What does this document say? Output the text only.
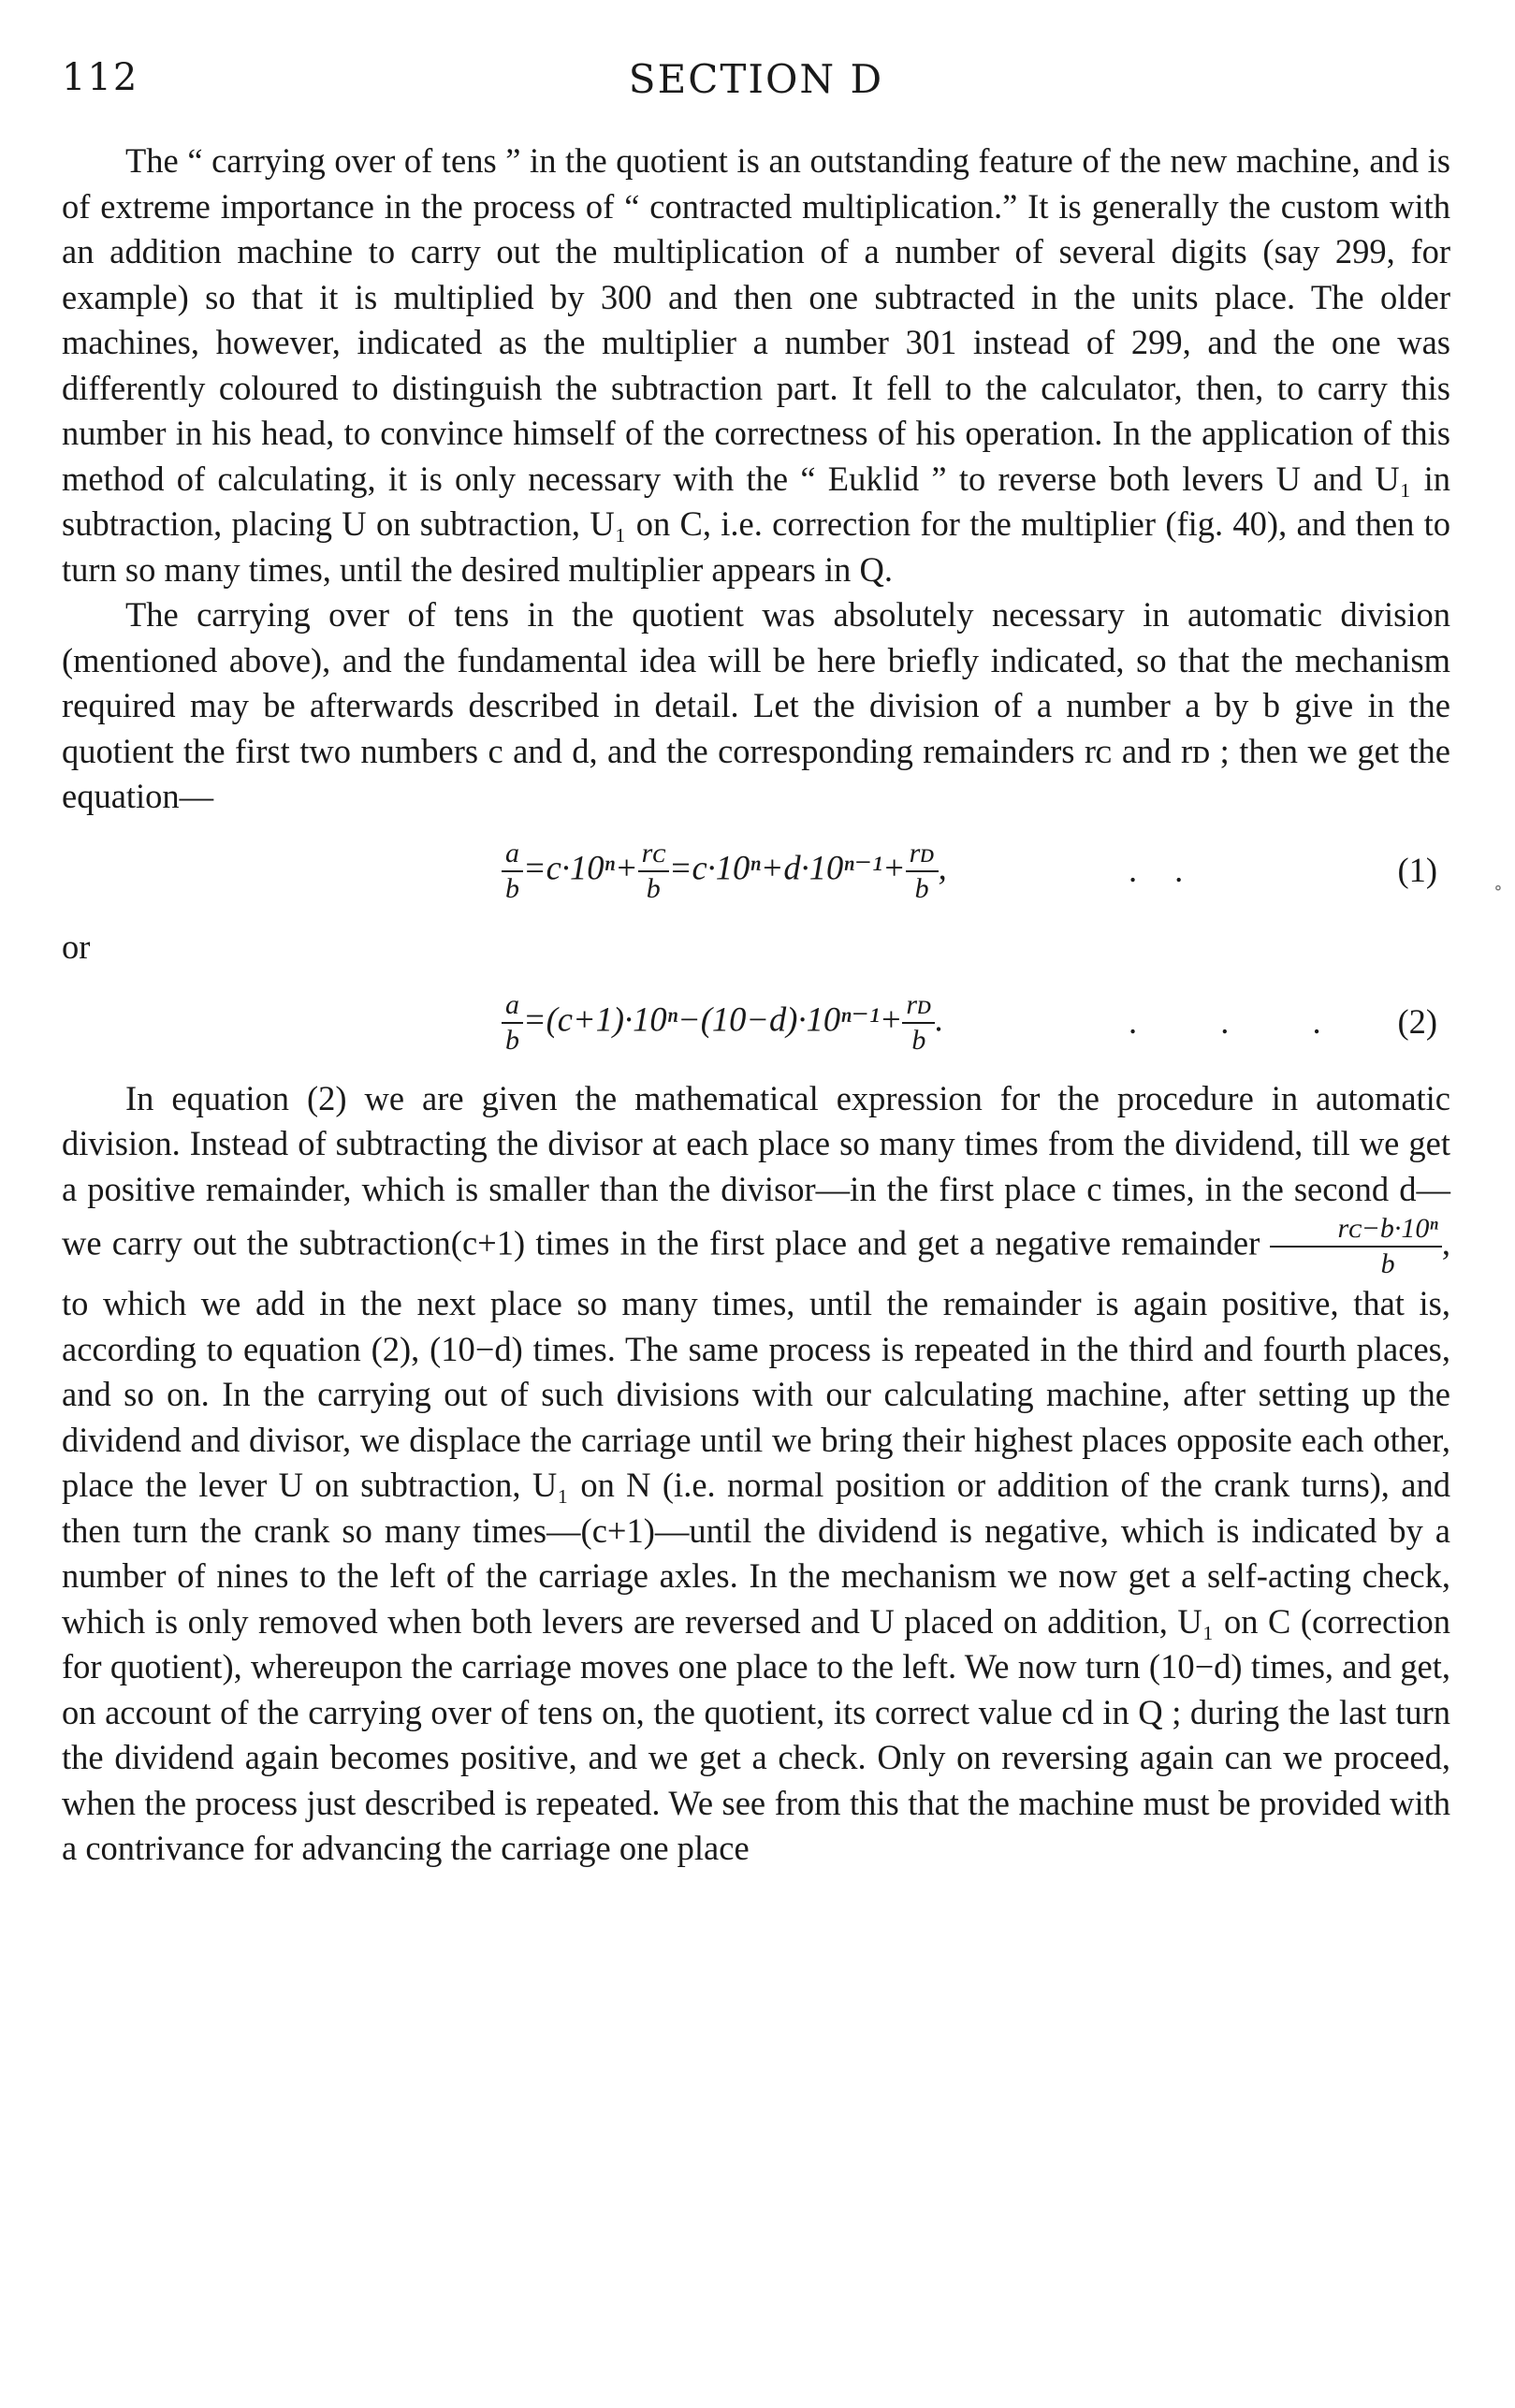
112	SECTION D

The “ carrying over of tens ” in the quotient is an outstanding feature of the new machine, and is of extreme importance in the process of “ contracted multiplication.” It is generally the custom with an addition machine to carry out the multiplication of a number of several digits (say 299, for example) so that it is multiplied by 300 and then one subtracted in the units place. The older machines, however, indicated as the multiplier a number 301 instead of 299, and the one was differently coloured to distinguish the subtraction part. It fell to the calculator, then, to carry this number in his head, to convince himself of the correctness of his operation. In the application of this method of calculating, it is only necessary with the “ Euklid ” to reverse both levers U and U₁ in subtraction, placing U on subtraction, U₁ on C, i.e. correction for the multiplier (fig. 40), and then to turn so many times, until the desired multiplier appears in Q.

The carrying over of tens in the quotient was absolutely necessary in automatic division (mentioned above), and the fundamental idea will be here briefly indicated, so that the mechanism required may be afterwards described in detail. Let the division of a number a by b give in the quotient the first two numbers c and d, and the corresponding remainders rᴄ and rᴅ ; then we get the equation—

$\frac{a}{b} =c\cdot 10^n+ \frac{\text{rᴄ}}{b} =c\cdot 10^n+d\cdot 10^{n-1}+ \frac{\text{rᴅ}}{b}$ ,	..	(1)
or
$\frac{a}{b} =(c+1)\cdot 10^n-(10-d)\cdot 10^{n-1}+ \frac{\text{rᴅ}}{b}$ .	. . . (2)

In equation (2) we are given the mathematical expression for the procedure in automatic division. Instead of subtracting the divisor at each place so many times from the dividend, till we get a positive remainder, which is smaller than the divisor—in the first place c times, in the second d—we carry out the subtraction(c+1) times in the first place and get a negative remainder $\frac{\text{rᴄ−b·10ⁿ}}{b}$ , to which we add in the next place so many times, until the remainder is again positive, that is, according to equation (2), (10−d) times. The same process is repeated in the third and fourth places, and so on. In the carrying out of such divisions with our calculating machine, after setting up the dividend and divisor, we displace the carriage until we bring their highest places opposite each other, place the lever U on subtraction, U₁ on N (i.e. normal position or addition of the crank turns), and then turn the crank so many times—(c+1)—until the dividend is negative, which is indicated by a number of nines to the left of the carriage axles. In the mechanism we now get a self-acting check, which is only removed when both levers are reversed and U placed on addition, U₁ on C (correction for quotient), whereupon the carriage moves one place to the left. We now turn (10−d) times, and get, on account of the carrying over of tens on, the quotient, its correct value cd in Q ; during the last turn the dividend again becomes positive, and we get a check. Only on reversing again can we proceed, when the process just described is repeated. We see from this that the machine must be provided with a contrivance for advancing the carriage one place

∘
